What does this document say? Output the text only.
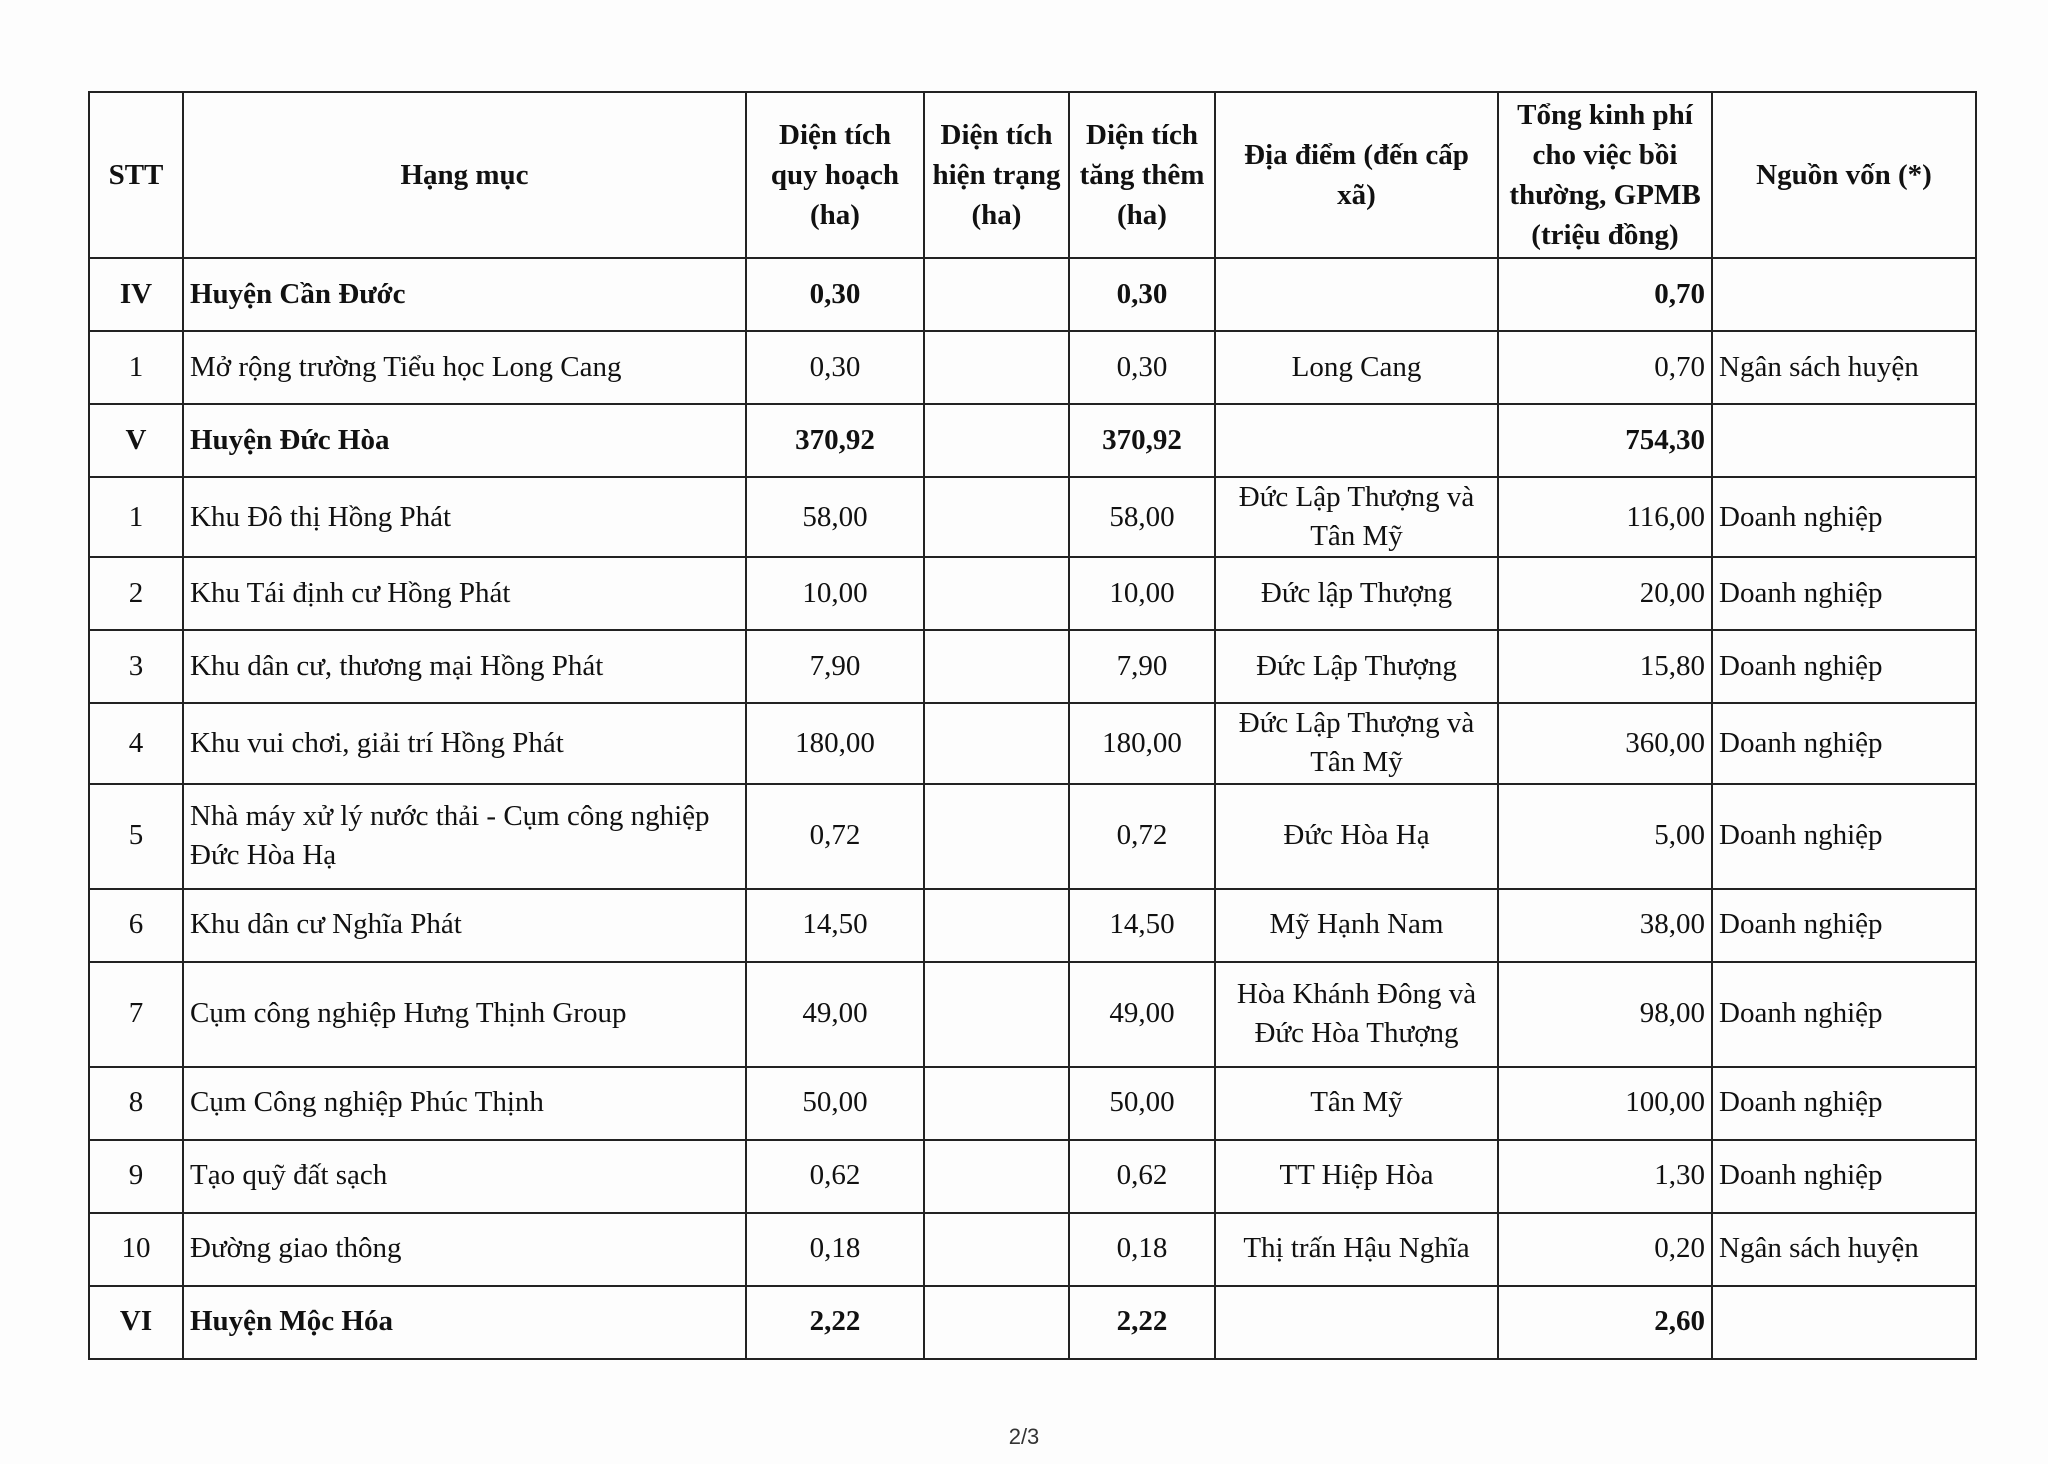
STT	Hạng mục	Diện tích quy hoạch (ha)	Diện tích hiện trạng (ha)	Diện tích tăng thêm (ha)	Địa điểm (đến cấp xã)	Tổng kinh phí cho việc bồi thường, GPMB (triệu đồng)	Nguồn vốn (*)
IV	Huyện Cần Đước	0,30		0,30		0,70	
1	Mở rộng trường Tiểu học Long Cang	0,30		0,30	Long Cang	0,70	Ngân sách huyện
V	Huyện Đức Hòa	370,92		370,92		754,30	
1	Khu Đô thị Hồng Phát	58,00		58,00	Đức Lập Thượng và Tân Mỹ	116,00	Doanh nghiệp
2	Khu Tái định cư Hồng Phát	10,00		10,00	Đức lập Thượng	20,00	Doanh nghiệp
3	Khu dân cư, thương mại Hồng Phát	7,90		7,90	Đức Lập Thượng	15,80	Doanh nghiệp
4	Khu vui chơi, giải trí Hồng Phát	180,00		180,00	Đức Lập Thượng và Tân Mỹ	360,00	Doanh nghiệp
5	Nhà máy xử lý nước thải - Cụm công nghiệp Đức Hòa Hạ	0,72		0,72	Đức Hòa Hạ	5,00	Doanh nghiệp
6	Khu dân cư Nghĩa Phát	14,50		14,50	Mỹ Hạnh Nam	38,00	Doanh nghiệp
7	Cụm công nghiệp Hưng Thịnh Group	49,00		49,00	Hòa Khánh Đông và Đức Hòa Thượng	98,00	Doanh nghiệp
8	Cụm Công nghiệp Phúc Thịnh	50,00		50,00	Tân Mỹ	100,00	Doanh nghiệp
9	Tạo quỹ đất sạch	0,62		0,62	TT Hiệp Hòa	1,30	Doanh nghiệp
10	Đường giao thông	0,18		0,18	Thị trấn Hậu Nghĩa	0,20	Ngân sách huyện
VI	Huyện Mộc Hóa	2,22		2,22		2,60	
2/3
